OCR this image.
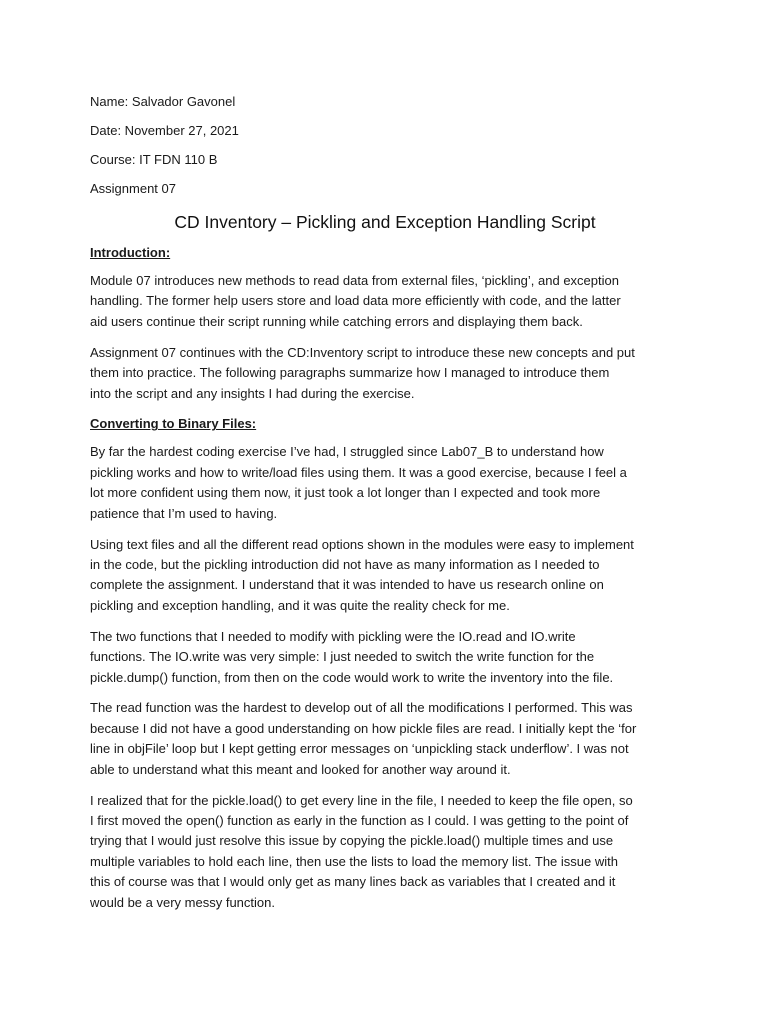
Name: Salvador Gavonel
Date: November 27, 2021
Course: IT FDN 110 B
Assignment 07
CD Inventory – Pickling and Exception Handling Script
Introduction:

Module 07 introduces new methods to read data from external files, ‘pickling’, and exception
handling. The former help users store and load data more efficiently with code, and the latter
aid users continue their script running while catching errors and displaying them back.

Assignment 07 continues with the CD:Inventory script to introduce these new concepts and put
them into practice. The following paragraphs summarize how I managed to introduce them
into the script and any insights I had during the exercise.

Converting to Binary Files:

By far the hardest coding exercise I’ve had, I struggled since Lab07_B to understand how
pickling works and how to write/load files using them. It was a good exercise, because I feel a
lot more confident using them now, it just took a lot longer than I expected and took more
patience that I’m used to having.

Using text files and all the different read options shown in the modules were easy to implement
in the code, but the pickling introduction did not have as many information as I needed to
complete the assignment. I understand that it was intended to have us research online on
pickling and exception handling, and it was quite the reality check for me.

The two functions that I needed to modify with pickling were the IO.read and IO.write
functions. The IO.write was very simple: I just needed to switch the write function for the
pickle.dump() function, from then on the code would work to write the inventory into the file.

The read function was the hardest to develop out of all the modifications I performed. This was
because I did not have a good understanding on how pickle files are read. I initially kept the ‘for
line in objFile’ loop but I kept getting error messages on ‘unpickling stack underflow’. I was not
able to understand what this meant and looked for another way around it.

I realized that for the pickle.load() to get every line in the file, I needed to keep the file open, so
I first moved the open() function as early in the function as I could. I was getting to the point of
trying that I would just resolve this issue by copying the pickle.load() multiple times and use
multiple variables to hold each line, then use the lists to load the memory list. The issue with
this of course was that I would only get as many lines back as variables that I created and it
would be a very messy function.
